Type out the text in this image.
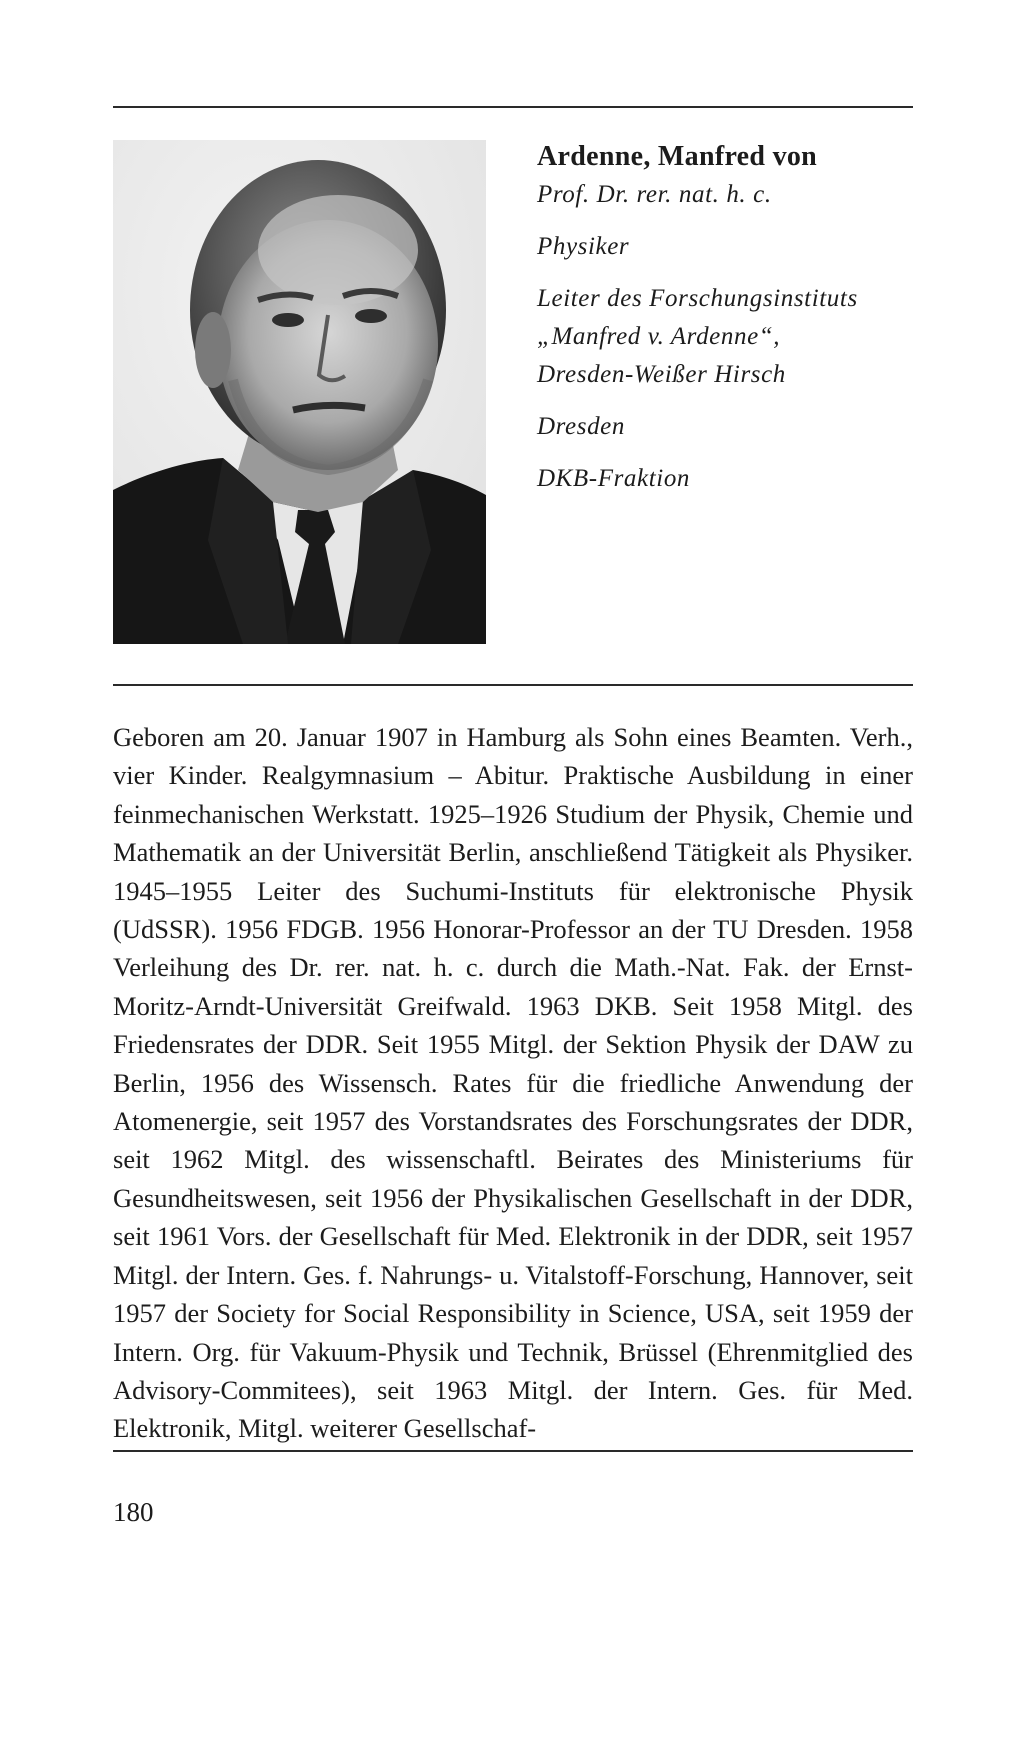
Ardenne, Manfred von

Prof. Dr. rer. nat. h. c.

Physiker

Leiter des Forschungsinstituts

„Manfred v. Ardenne“,

Dresden-Weißer Hirsch

Dresden

DKB-Fraktion

Geboren am 20. Januar 1907 in Hamburg als Sohn eines Beamten. Verh., vier Kinder. Realgymnasium – Abitur. Praktische Ausbildung in einer feinmechanischen Werkstatt. 1925–1926 Studium der Physik, Chemie und Mathematik an der Universität Berlin, anschließend Tätigkeit als Physiker. 1945–1955 Leiter des Suchumi-Instituts für elektronische Physik (UdSSR). 1956 FDGB. 1956 Honorar-Professor an der TU Dresden. 1958 Verleihung des Dr. rer. nat. h. c. durch die Math.-Nat. Fak. der Ernst-Moritz-Arndt-Universität Greifwald. 1963 DKB. Seit 1958 Mitgl. des Friedensrates der DDR. Seit 1955 Mitgl. der Sektion Physik der DAW zu Berlin, 1956 des Wissensch. Rates für die friedliche Anwendung der Atomenergie, seit 1957 des Vorstandsrates des Forschungsrates der DDR, seit 1962 Mitgl. des wissenschaftl. Beirates des Ministeriums für Gesundheitswesen, seit 1956 der Physikalischen Gesellschaft in der DDR, seit 1961 Vors. der Gesellschaft für Med. Elektronik in der DDR, seit 1957 Mitgl. der Intern. Ges. f. Nahrungs- u. Vitalstoff-Forschung, Hannover, seit 1957 der Society for Social Responsibility in Science, USA, seit 1959 der Intern. Org. für Vakuum-Physik und Technik, Brüssel (Ehrenmitglied des Advisory-Commitees), seit 1963 Mitgl. der Intern. Ges. für Med. Elektronik, Mitgl. weiterer Gesellschaf-

180
